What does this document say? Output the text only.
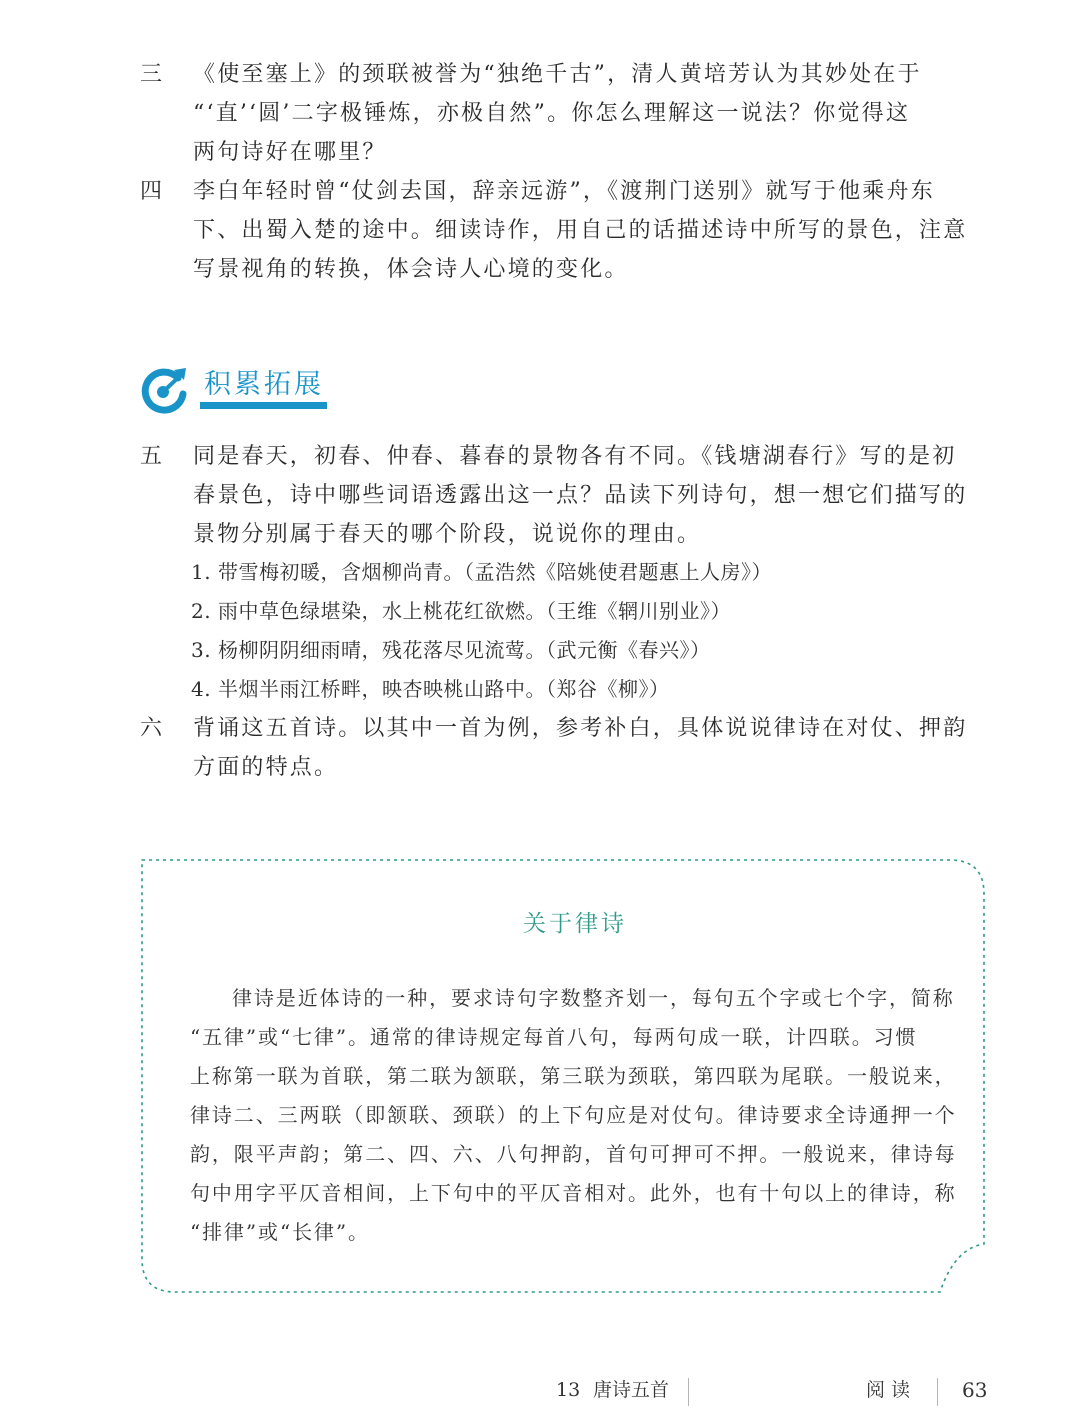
三	《使至塞上》的颈联被誉为“独绝千古”，清人黄培芳认为其妙处在于
“‘直’‘圆’二字极锤炼，亦极自然”。你怎么理解这一说法？你觉得这
两句诗好在哪里？
四	李白年轻时曾“仗剑去国，辞亲远游”，《渡荆门送别》就写于他乘舟东
下、出蜀入楚的途中。细读诗作，用自己的话描述诗中所写的景色，注意
写景视角的转换，体会诗人心境的变化。
积累拓展
五	同是春天，初春、仲春、暮春的景物各有不同。《钱塘湖春行》写的是初
春景色，诗中哪些词语透露出这一点？品读下列诗句，想一想它们描写的
景物分别属于春天的哪个阶段，说说你的理由。
1. 带雪梅初暖，含烟柳尚青。（孟浩然《陪姚使君题惠上人房》）
2. 雨中草色绿堪染，水上桃花红欲燃。（王维《辋川别业》）
3. 杨柳阴阴细雨晴，残花落尽见流莺。（武元衡《春兴》）
4. 半烟半雨江桥畔，映杏映桃山路中。（郑谷《柳》）
六	背诵这五首诗。以其中一首为例，参考补白，具体说说律诗在对仗、押韵
方面的特点。
关于律诗
律诗是近体诗的一种，要求诗句字数整齐划一，每句五个字或七个字，简称
“五律”或“七律”。通常的律诗规定每首八句，每两句成一联，计四联。习惯
上称第一联为首联，第二联为颔联，第三联为颈联，第四联为尾联。一般说来，
律诗二、三两联（即颔联、颈联）的上下句应是对仗句。律诗要求全诗通押一个
韵，限平声韵；第二、四、六、八句押韵，首句可押可不押。一般说来，律诗每
句中用字平仄音相间，上下句中的平仄音相对。此外，也有十句以上的律诗，称
“排律”或“长律”。
13 唐诗五首	阅 读	63
